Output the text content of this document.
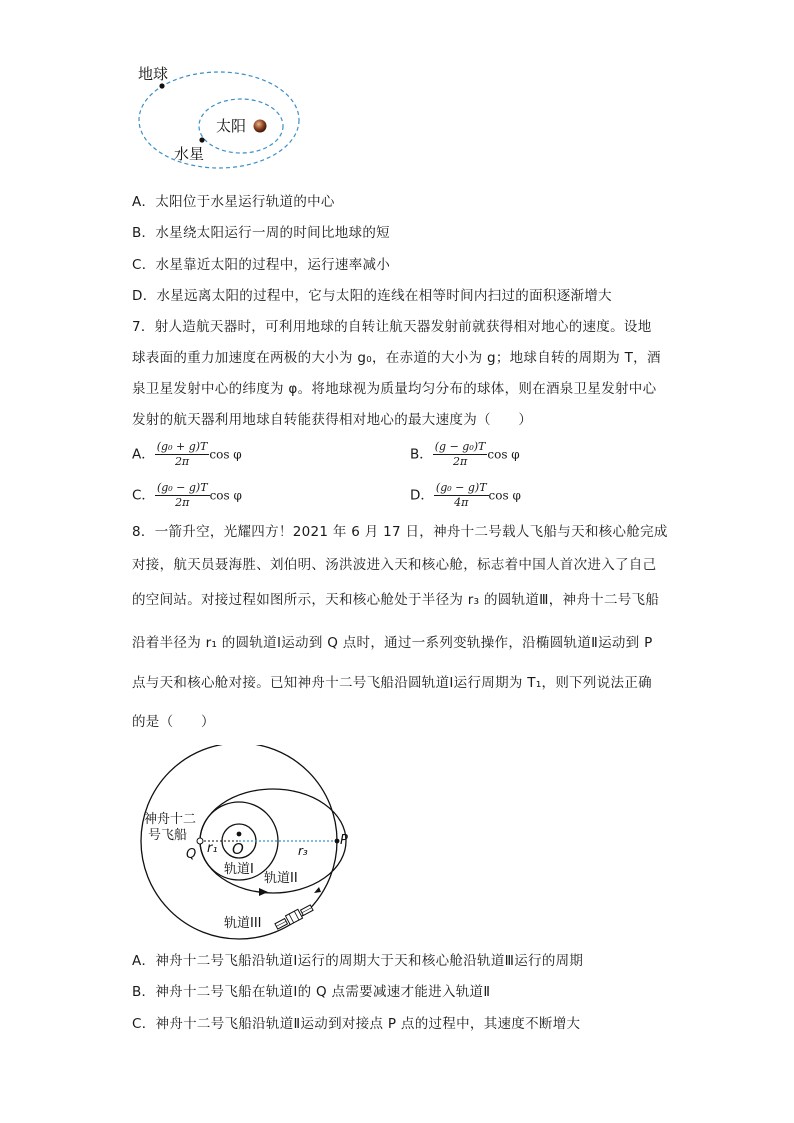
地球
太阳
水星
A．太阳位于水星运行轨道的中心
B．水星绕太阳运行一周的时间比地球的短
C．水星靠近太阳的过程中，运行速率减小
D．水星远离太阳的过程中，它与太阳的连线在相等时间内扫过的面积逐渐增大
7．射人造航天器时，可利用地球的自转让航天器发射前就获得相对地心的速度。设地
球表面的重力加速度在两极的大小为 g₀，在赤道的大小为 g；地球自转的周期为 T，酒
泉卫星发射中心的纬度为 φ。将地球视为质量均匀分布的球体，则在酒泉卫星发射中心
发射的航天器利用地球自转能获得相对地心的最大速度为（　　）
A． $\frac{\text{(g₀ + g)T}}{2\pi}$ cos φ	B． $\frac{\text{(g − g₀)T}}{2\pi}$ cos φ
C． $\frac{\text{(g₀ − g)T}}{2\pi}$ cos φ	D． $\frac{\text{(g₀ − g)T}}{4\pi}$ cos φ
8．一箭升空，光耀四方！2021 年 6 月 17 日，神舟十二号载人飞船与天和核心舱完成
对接，航天员聂海胜、刘伯明、汤洪波进入天和核心舱，标志着中国人首次进入了自己
的空间站。对接过程如图所示，天和核心舱处于半径为 r₃ 的圆轨道Ⅲ，神舟十二号飞船
沿着半径为 r₁ 的圆轨道Ⅰ运动到 Q 点时，通过一系列变轨操作，沿椭圆轨道Ⅱ运动到 P
点与天和核心舱对接。已知神舟十二号飞船沿圆轨道Ⅰ运行周期为 T₁，则下列说法正确
的是（　　）
神舟十二
号飞船
Q
P
O
r₁	r₃
轨道I
轨道II
轨道III
A．神舟十二号飞船沿轨道Ⅰ运行的周期大于天和核心舱沿轨道Ⅲ运行的周期
B．神舟十二号飞船在轨道Ⅰ的 Q 点需要减速才能进入轨道Ⅱ
C．神舟十二号飞船沿轨道Ⅱ运动到对接点 P 点的过程中，其速度不断增大
